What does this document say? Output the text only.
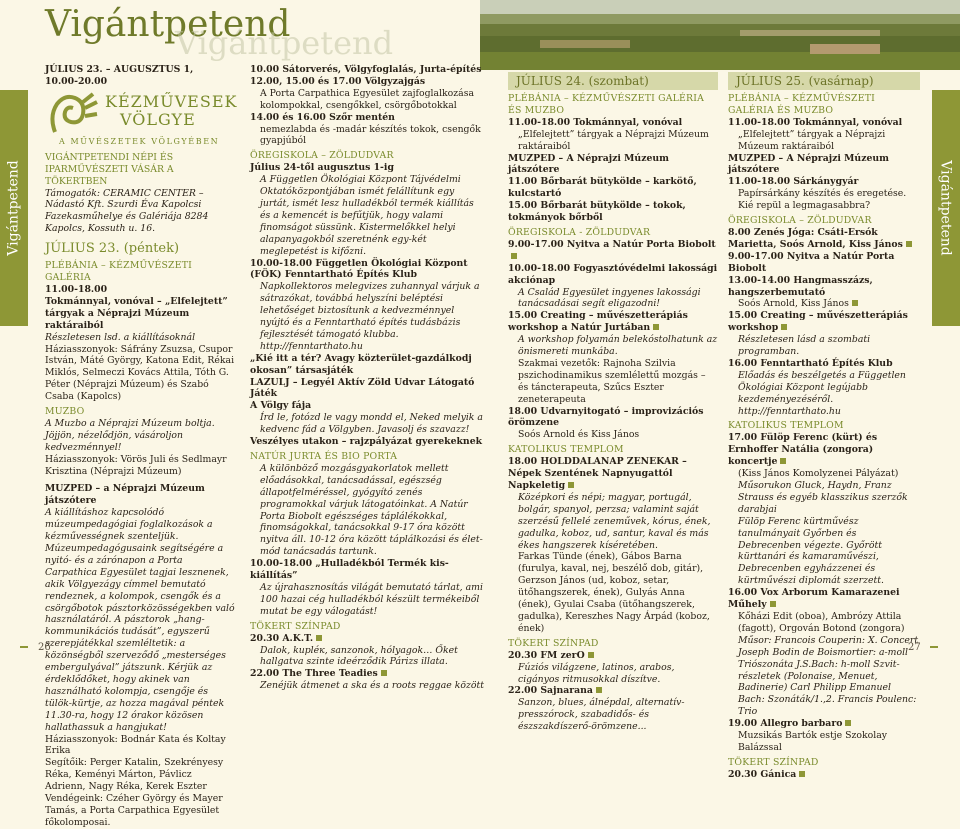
Vigántpetend
Vigántpetend
Vigántpetend	Vigántpetend
JÚLIUS 23. – AUGUSZTUS 1,
10.00-20.00
KÉZMŰVESEK
VÖLGYE
A MŰVÉSZETEK VÖLGYÉBEN

VIGÁNTPETENDI NÉPI ÉS IPARMŰVÉSZETI VÁSÁR A TÖKERTBEN

Támogatók: CERAMIC CENTER – Nádastó Kft. Szurdi Éva Kapolcsi Fazekasműhelye és Galériája 8284 Kapolcs, Kossuth u. 16.

JÚLIUS 23. (péntek)

PLÉBÁNIA – KÉZMŰVÉSZETI GALÉRIA

11.00-18.00

Tokmánnyal, vonóval – „Elfelejtett” tárgyak a Néprajzi Múzeum raktáraiból

Részletesen lsd. a kiállításoknál

Háziasszonyok: Sáfrány Zsuzsa, Csupor István, Máté György, Katona Edit, Rékai Miklós, Selmeczi Kovács Attila, Tóth G. Péter (Néprajzi Múzeum) és Szabó Csaba (Kapolcs)

MUZBO

A Muzbo a Néprajzi Múzeum boltja. Jöjjön, nézelődjön, vásároljon kedvezménnyel!

Háziasszonyok: Vörös Juli és Sedlmayr Krisztina (Néprajzi Múzeum)

MUZPED – a Néprajzi Múzeum játszótere

A kiállításhoz kapcsolódó múzeumpedagógiai foglalkozások a kézművességnek szenteljük. Múzeumpedagógusaink segítségére a nyitó- és a zárónapon a Porta Carpathica Egyesület tagjai lesznenek, akik Völgyezágy címmel bemutató rendeznek, a kolompok, csengők és a csörgőbotok pásztorközösségekben való használatáról. A pásztorok „hangkommunikációs tudását”, egyszerű szerepjátékkal szemléltetik: a közönségből szerveződő „mesterséges embergulyával” játszunk. Kérjük az érdeklődőket, hogy akinek van használható kolompja, csengője és tülök-kürtje, az hozza magával péntek 11.30-ra, hogy 12 órakor közösen hallathassuk a hangjukat!

Háziasszonyok: Bodnár Kata és Koltay Erika

Segítőik: Perger Katalin, Szekrényesy Réka, Keményi Márton, Pávlicz Adrienn, Nagy Réka, Kerek Eszter

Vendégeink: Czéher György és Mayer Tamás, a Porta Carpathica Egyesület főkolomposai.

10.00 Sátorverés, Völgyfoglalás, Jurta-építés

12.00, 15.00 és 17.00 Völgyzajgás

A Porta Carpathica Egyesület zajfoglalkozása kolompokkal, csengőkkel, csörgőbotokkal

14.00 és 16.00 Szőr mentén

nemezlabda és -madár készítés tokok, csengők gyapjúból

ÖREGISKOLA – ZÖLDUDVAR

Július 24-től augusztus 1-ig

A Független Ökológiai Központ Tájvédelmi Oktatóközpontjában ismét felállítunk egy jurtát, ismét lesz hulladékból termék kiállítás és a kemencét is befűtjük, hogy valami finomságot süssünk. Kistermelőkkel helyi alapanyagokból szeretnénk egy-két meglepetést is kifőzni.

10.00-18.00 Független Ökológiai Központ (FÖK) Fenntartható Építés Klub

Napkollektoros melegvizes zuhannyal várjuk a sátrazókat, továbbá helyszíni beléptési lehetőséget biztosítunk a kedvezménnyel nyújtó és a Fenntartható építés tudásbázis fejlesztését támogató klubba. http://fenntarthato.hu

„Kié itt a tér? Avagy közterület-gazdálkodj okosan” társasjáték

LAZULJ – Legyél Aktív Zöld Udvar Látogató Játék

A Völgy fája

Írd le, fotózd le vagy mondd el, Neked melyik a kedvenc fád a Völgyben. Javasolj és szavazz!

Veszélyes utakon – rajzpályázat gyerekeknek

NATÚR JURTA ÉS BIO PORTA

A különböző mozgásgyakorlatok mellett előadásokkal, tanácsadással, egészség állapotfelméréssel, gyógyító zenés programokkal várjuk látogatóinkat. A Natúr Porta Biobolt egészséges táplálékokkal, finomságokkal, tanácsokkal 9-17 óra között nyitva áll. 10-12 óra között táplálkozási és életmód tanácsadás tartunk.

10.00-18.00 „Hulladékból Termék kis-kiállítás”

Az újrahasznosítás világát bemutató tárlat, ami 100 hazai cég hulladékból készült termékeiből mutat be egy válogatást!

TÖKERT SZÍNPAD

20.30 A.K.T.

Dalok, kupléк, sanzonok, hólyagok… Őket hallgatva szinte ideérződik Párizs illata.

22.00 The Three Teadies

Zenéjük átmenet a ska és a roots reggae között

JÚLIUS 24. (szombat)

PLÉBÁNIA – KÉZMŰVÉSZETI GALÉRIA ÉS MUZBO

11.00-18.00 Tokmánnyal, vonóval

„Elfelejtett” tárgyak a Néprajzi Múzeum raktáraiból

MUZPED – A Néprajzi Múzeum játszótere

11.00 Bőrbarát bütykölde – karkötő, kulcstartó

15.00 Bőrbarát bütykölde – tokok, tokmányok bőrből

ÖREGISKOLA - ZÖLDUDVAR

9.00-17.00 Nyitva a Natúr Porta Biobolt

10.00-18.00 Fogyasztóvédelmi lakossági akciónap

A Család Egyesület ingyenes lakossági tanácsadásai segít eligazodni!

15.00 Creating – művészetterápiás workshop a Natúr Jurtában

A workshop folyamán belekóstolhatunk az önismereti munkába.

Szakmai vezetők: Rajnoha Szilvia pszichodinamikus szemlélettű mozgás – és táncterapeuta, Szűcs Eszter zeneterapeuta

18.00 Udvarnyitogató – improvizációs örömzene

Soós Arnold és Kiss János

KATOLIKUS TEMPLOM

18.00 HOLDDALANAP ZENEKAR – Népek Szentének Napnyugattól Napkeletig

Középkori és népi; magyar, portugál, bolgár, spanyol, perzsa; valamint saját szerzésű fellelé zeneművek, kórus, ének, gadulka, koboz, ud, santur, kaval és más ékes hangszerek kíséretében.

Farkas Tünde (ének), Gábos Barna (furulya, kaval, nej, beszélő dob, gitár), Gerzson János (ud, koboz, setar, ütőhangszerek, ének), Gulyás Anna (ének), Gyulai Csaba (ütőhangszerek, gadulka), Kereszhes Nagy Árpád (koboz, ének)

TÖKERT SZÍNPAD

20.30 FM zerO

Fúziós világzene, latinos, arabos, cigányos ritmusokkal díszítve.

22.00 Sajnarana

Sanzon, blues, álnépdal, alternatív-presszórock, szabadidős- és észszakdíszerő-örömzene...

JÚLIUS 25. (vasárnap)

PLÉBÁNIA – KÉZMŰVÉSZETI GALÉRIA ÉS MUZBO

11.00-18.00 Tokmánnyal, vonóval

„Elfelejtett” tárgyak a Néprajzi Múzeum raktáraiból

MUZPED – A Néprajzi Múzeum játszótere

11.00-18.00 Sárkánygyár

Papírsárkány készítés és eregetése. Kié repül a legmagasabbra?

ÖREGISKOLA – ZÖLDUDVAR

8.00 Zenés Jóga: Csáti-Ersók Marietta, Soós Arnold, Kiss János

9.00-17.00 Nyitva a Natúr Porta Biobolt

13.00-14.00 Hangmasszázs, hangszerbemutató

Soós Arnold, Kiss János

15.00 Creating – művészetterápiás workshop

Részletesen lásd a szombati programban.

16.00 Fenntartható Építés Klub

Előadás és beszélgetés a Független Ökológiai Központ legújabb kezdeményezéséről. http://fenntarthato.hu

KATOLIKUS TEMPLOM

17.00 Fülöp Ferenc (kürt) és Ernhoffer Natália (zongora) koncertje

(Kiss János Komolyzenei Pályázat)

Műsorukon Gluck, Haydn, Franz Strauss és egyéb klasszikus szerzők darabjai

Fülöp Ferenc kürtművész tanulmányait Győrben és Debrecenben végezte. Győrött kürttanári és kamaraművészi, Debrecenben egyházzenei és kürtművészi diplomát szerzett.

16.00 Vox Arborum Kamarazenei Műhely

Kőházi Edit (oboa), Ambrózy Attila (fagott), Orgován Botond (zongora)

Műsor: Francois Couperin: X. Concert Joseph Bodin de Boismortier: a-moll Triószonáta J.S.Bach: h-moll Szvit-részletek (Polonaise, Menuet, Badinerie) Carl Philipp Emanuel Bach: Szonáták/1.,2. Francis Poulenc: Trio

19.00 Allegro barbaro

Muzsikás Bartók estje Szokolay Balázssal

TÖKERT SZÍNPAD

20.30 Gánica

26	27
